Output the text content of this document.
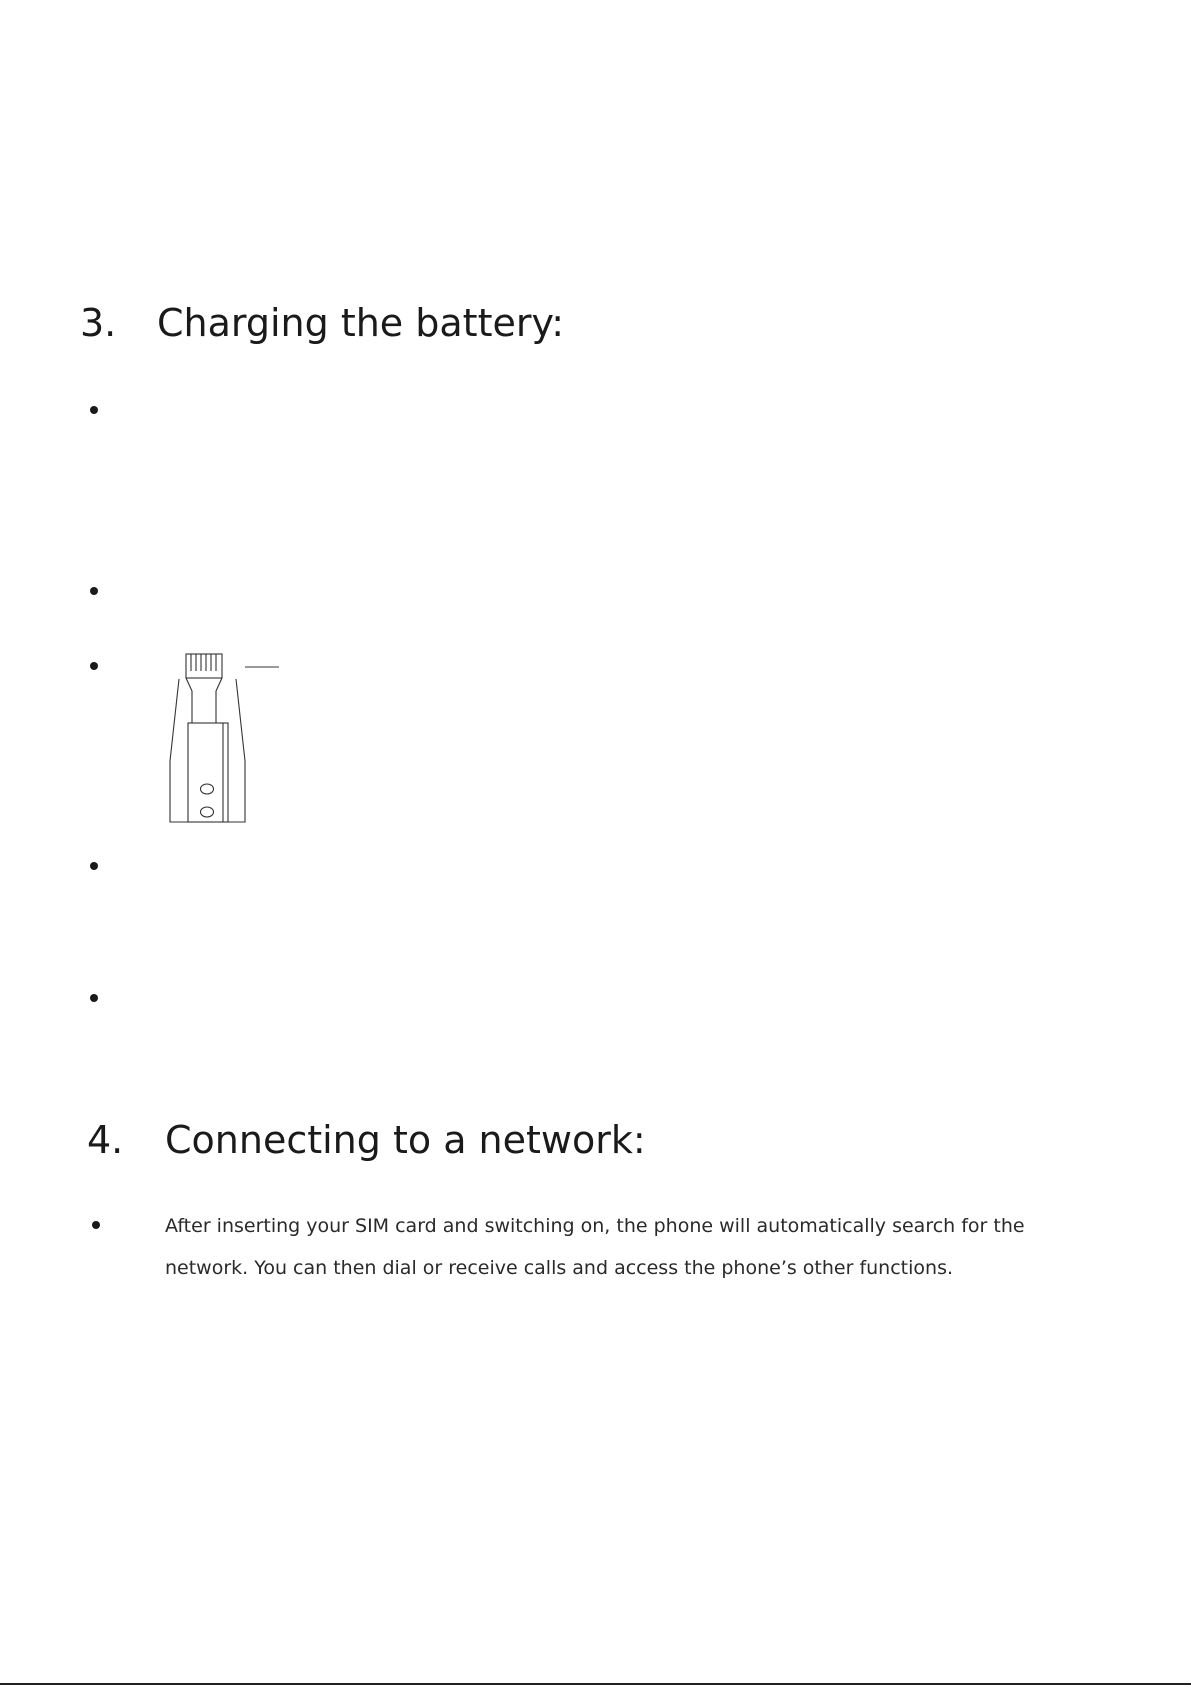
3. Charging the battery:
4. Connecting to a network:

After inserting your SIM card and switching on, the phone will automatically search for the network. You can then dial or receive calls and access the phone’s other functions.
